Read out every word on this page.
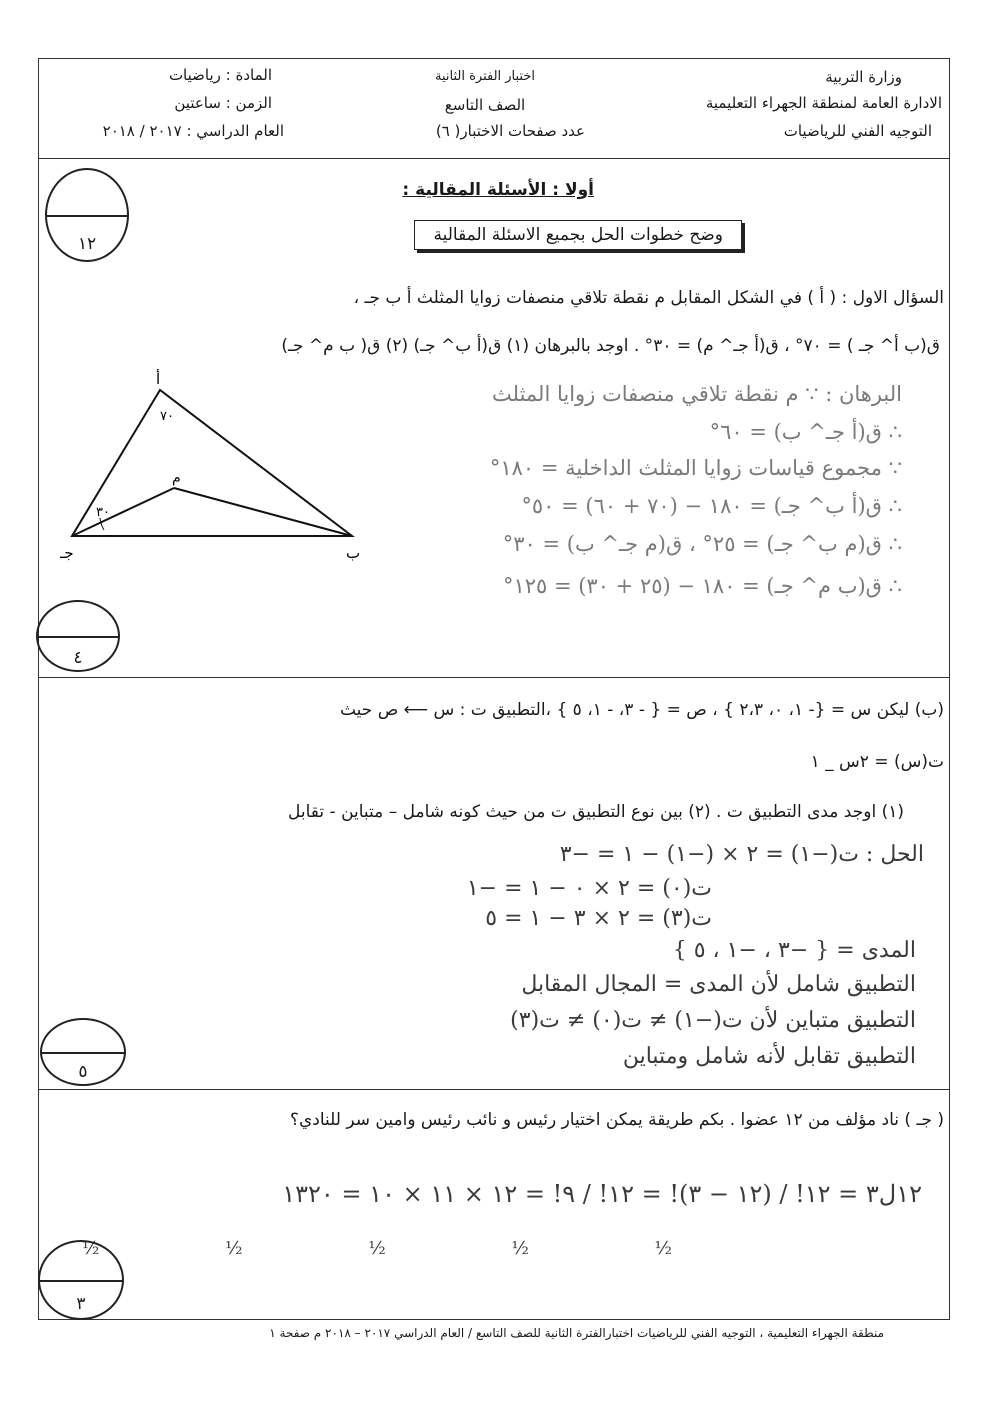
وزارة التربية
الادارة العامة لمنطقة الجهراء التعليمية
التوجيه الفني للرياضيات
اختبار الفترة الثانية
الصف التاسع
عدد صفحات الاختبار( ٦)
المادة : رياضيات
الزمن : ساعتين
العام الدراسي : ٢٠١٧ / ٢٠١٨
أولا : الأسئلة المقالية :
وضح خطوات الحل بجميع الاسئلة المقالية
١٢
السؤال الاول : ( أ ) في الشكل المقابل م نقطة تلاقي منصفات زوايا المثلث أ ب جـ ،
ق(ب أ^ جـ ) = ٧٠° ، ق(أ جـ^ م) = ٣٠° . اوجد بالبرهان (١) ق(أ ب^ جـ) (٢) ق( ب م^ جـ)
أ
٧٠
م
٣٠
جـ	ب
البرهان : ∵ م نقطة تلاقي منصفات زوايا المثلث
∴ ق(أ جـ^ ب) = ٦٠°
∵ مجموع قياسات زوايا المثلث الداخلية = ١٨٠°
∴ ق(أ ب^ جـ) = ١٨٠ − (٧٠ + ٦٠) = ٥٠°
∴ ق(م ب^ جـ) = ٢٥° ، ق(م جـ^ ب) = ٣٠°
∴ ق(ب م^ جـ) = ١٨٠ − (٢٥ + ٣٠) = ١٢٥°
٤
(ب) ليكن س = {- ١، ٠، ٢،٣ } ، ص = { - ٣، - ١، ٥ } ،التطبيق ت : س ⟵ ص حيث
ت(س) = ٢س _ ١
(١) اوجد مدى التطبيق ت . (٢) بين نوع التطبيق ت من حيث كونه شامل – متباين - تقابل
الحل : ت(−١) = ٢ × (−١) − ١ = −٣
ت(٠) = ٢ × ٠ − ١ = −١
ت(٣) = ٢ × ٣ − ١ = ٥
المدى = { −٣ ، −١ ، ٥ }
التطبيق شامل لأن المدى = المجال المقابل
التطبيق متباين لأن ت(−١) ≠ ت(٠) ≠ ت(٣)
التطبيق تقابل لأنه شامل ومتباين
٥
( جـ ) ناد مؤلف من ١٢ عضوا . بكم طريقة يمكن اختيار رئيس و نائب رئيس وامين سر للنادي؟
١٢ل٣ = ١٢! / (١٢ − ٣)! = ١٢! / ٩! = ١٢ × ١١ × ١٠ = ١٣٢٠
½ ½ ½ ½ ½
٣
منطقة الجهراء التعليمية ، التوجيه الفني للرياضيات اختبارالفترة الثانية للصف التاسع / العام الدراسي ٢٠١٧ – ٢٠١٨ م صفحة ١
